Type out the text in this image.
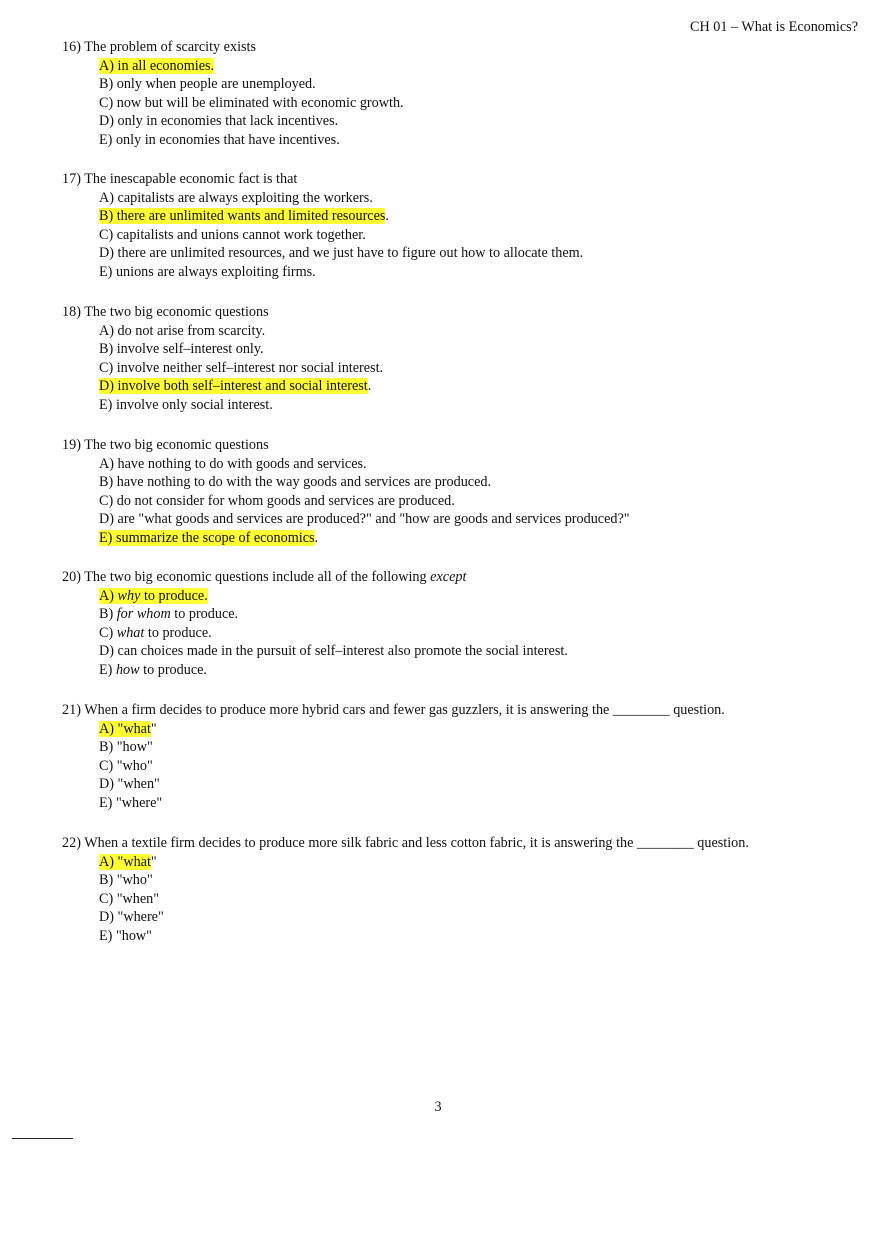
CH 01 – What is Economics?
16) The problem of scarcity exists
A) in all economies.
B) only when people are unemployed.
C) now but will be eliminated with economic growth.
D) only in economies that lack incentives.
E) only in economies that have incentives.
17) The inescapable economic fact is that
A) capitalists are always exploiting the workers.
B) there are unlimited wants and limited resources.
C) capitalists and unions cannot work together.
D) there are unlimited resources, and we just have to figure out how to allocate them.
E) unions are always exploiting firms.
18) The two big economic questions
A) do not arise from scarcity.
B) involve self–interest only.
C) involve neither self–interest nor social interest.
D) involve both self–interest and social interest.
E) involve only social interest.
19) The two big economic questions
A) have nothing to do with goods and services.
B) have nothing to do with the way goods and services are produced.
C) do not consider for whom goods and services are produced.
D) are "what goods and services are produced?" and "how are goods and services produced?"
E) summarize the scope of economics.
20) The two big economic questions include all of the following except
A) why to produce.
B) for whom to produce.
C) what to produce.
D) can choices made in the pursuit of self–interest also promote the social interest.
E) how to produce.
21) When a firm decides to produce more hybrid cars and fewer gas guzzlers, it is answering the ________ question.
A) "what"
B) "how"
C) "who"
D) "when"
E) "where"
22) When a textile firm decides to produce more silk fabric and less cotton fabric, it is answering the ________ question.
A) "what"
B) "who"
C) "when"
D) "where"
E) "how"
3
